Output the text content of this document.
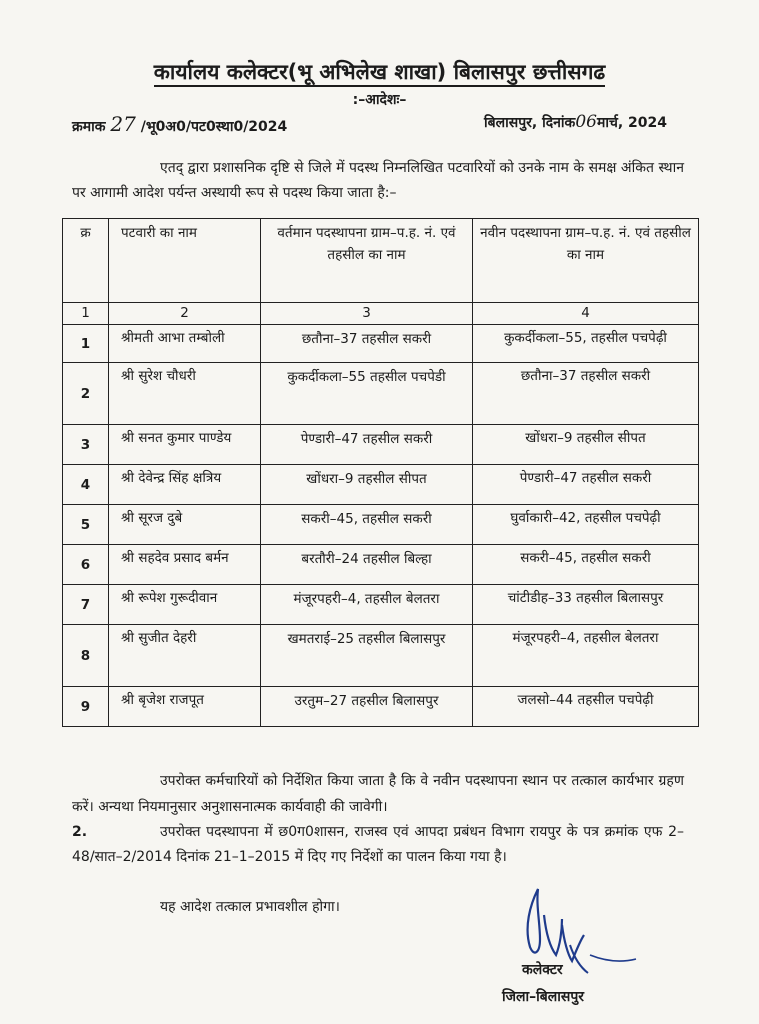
कार्यालय कलेक्टर(भू अभिलेख शाखा) बिलासपुर छत्तीसगढ
:–आदेशः–
क्रमाक 27 /भू0अ0/पट0स्था0/2024	बिलासपुर, दिनांक06मार्च, 2024

एतद् द्वारा प्रशासनिक दृष्टि से जिले में पदस्थ निम्नलिखित पटवारियों को उनके नाम के समक्ष अंकित स्थान पर आगामी आदेश पर्यन्त अस्थायी रूप से पदस्थ किया जाता है:–

क्र	पटवारी का नाम	वर्तमान पदस्थापना ग्राम–प.ह. नं. एवं तहसील का नाम	नवीन पदस्थापना ग्राम–प.ह. नं. एवं तहसील का नाम
1	2	3	4
1	श्रीमती आभा तम्बोली	छतौना–37 तहसील सकरी	कुकर्दीकला–55, तहसील पचपेढ़ी
2	श्री सुरेश चौधरी	कुकर्दीकला–55 तहसील पचपेडी	छतौना–37 तहसील सकरी
3	श्री सनत कुमार पाण्डेय	पेण्डारी–47 तहसील सकरी	खोंधरा–9 तहसील सीपत
4	श्री देवेन्द्र सिंह क्षत्रिय	खोंधरा–9 तहसील सीपत	पेण्डारी–47 तहसील सकरी
5	श्री सूरज दुबे	सकरी–45, तहसील सकरी	घुर्वाकारी–42, तहसील पचपेढ़ी
6	श्री सहदेव प्रसाद बर्मन	बरतौरी–24 तहसील बिल्हा	सकरी–45, तहसील सकरी
7	श्री रूपेश गुरूदीवान	मंजूरपहरी–4, तहसील बेलतरा	चांटीडीह–33 तहसील बिलासपुर
8	श्री सुजीत देहरी	खमतराई–25 तहसील बिलासपुर	मंजूरपहरी–4, तहसील बेलतरा
9	श्री बृजेश राजपूत	उरतुम–27 तहसील बिलासपुर	जलसो–44 तहसील पचपेढ़ी

उपरोक्त कर्मचारियों को निर्देशित किया जाता है कि वे नवीन पदस्थापना स्थान पर तत्काल कार्यभार ग्रहण करें। अन्यथा नियमानुसार अनुशासनात्मक कार्यवाही की जावेगी।

2.	उपरोक्त पदस्थापना में छ0ग0शासन, राजस्व एवं आपदा प्रबंधन विभाग रायपुर के पत्र क्रमांक एफ 2–48/सात–2/2014 दिनांक 21–1–2015 में दिए गए निर्देशों का पालन किया गया है।

यह आदेश तत्काल प्रभावशील होगा।
कलेक्टर
जिला–बिलासपुर
